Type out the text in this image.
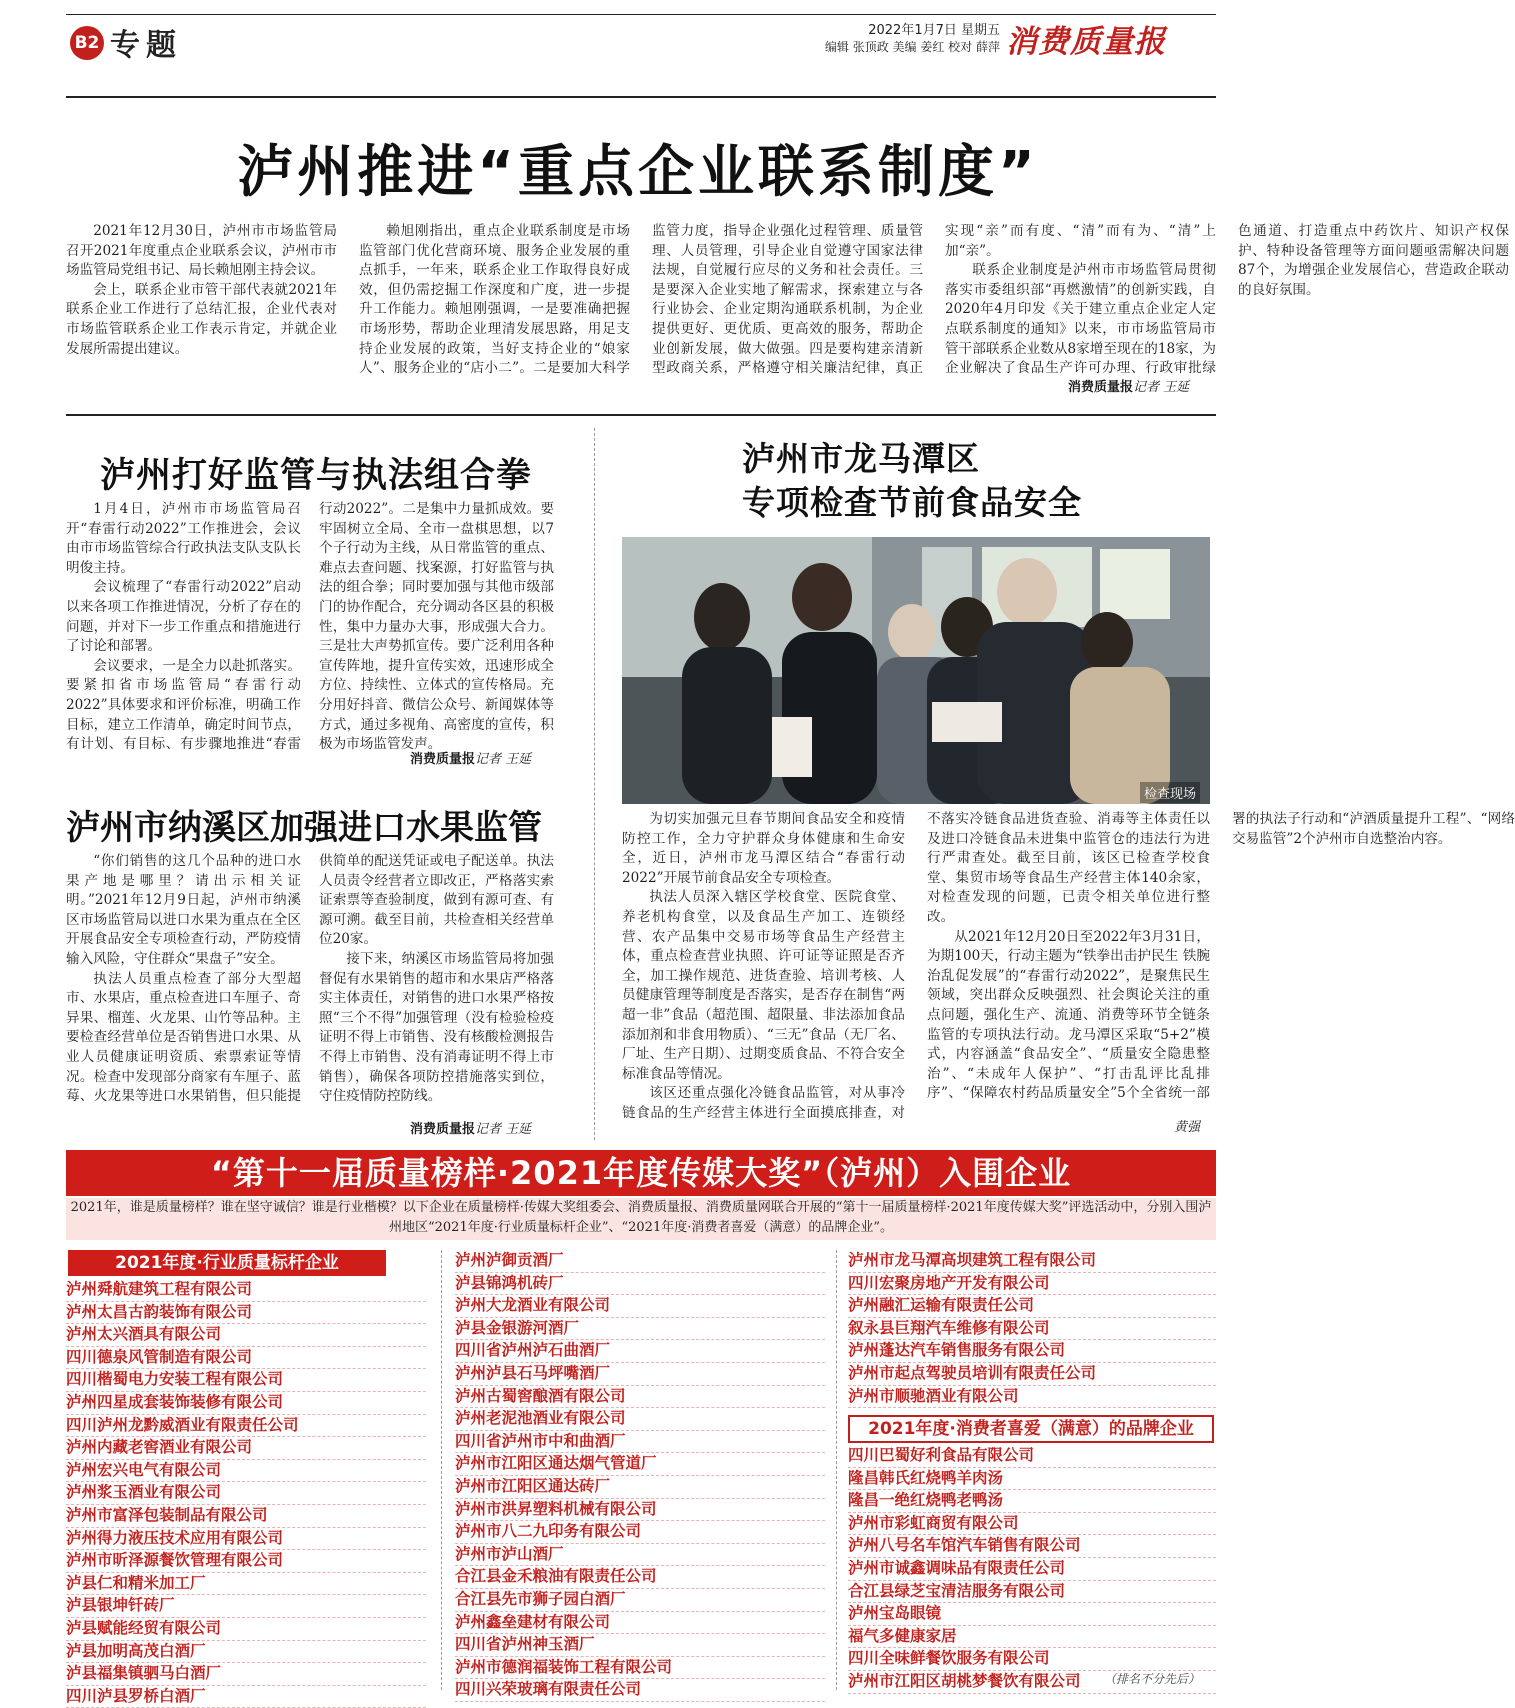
B2 专题	2022年1月7日 星期五
编辑 张顶政 美编 姜红 校对 薛萍 消费质量报
泸州推进“重点企业联系制度”

2021年12月30日，泸州市市场监管局召开2021年度重点企业联系会议，泸州市市场监管局党组书记、局长赖旭刚主持会议。

会上，联系企业市管干部代表就2021年联系企业工作进行了总结汇报，企业代表对市场监管联系企业工作表示肯定，并就企业发展所需提出建议。

赖旭刚指出，重点企业联系制度是市场监管部门优化营商环境、服务企业发展的重点抓手，一年来，联系企业工作取得良好成效，但仍需挖掘工作深度和广度，进一步提升工作能力。赖旭刚强调，一是要准确把握市场形势，帮助企业理清发展思路，用足支持企业发展的政策，当好支持企业的“娘家人”、服务企业的“店小二”。二是要加大科学监管力度，指导企业强化过程管理、质量管理、人员管理，引导企业自觉遵守国家法律法规，自觉履行应尽的义务和社会责任。三是要深入企业实地了解需求，探索建立与各行业协会、企业定期沟通联系机制，为企业提供更好、更优质、更高效的服务，帮助企业创新发展，做大做强。四是要构建亲清新型政商关系，严格遵守相关廉洁纪律，真正实现“亲”而有度、“清”而有为、“清”上加“亲”。

联系企业制度是泸州市市场监管局贯彻落实市委组织部“再燃激情”的创新实践，自2020年4月印发《关于建立重点企业定人定点联系制度的通知》以来，市市场监管局市管干部联系企业数从8家增至现在的18家，为企业解决了食品生产许可办理、行政审批绿色通道、打造重点中药饮片、知识产权保护、特种设备管理等方面问题亟需解决问题87个，为增强企业发展信心，营造政企联动的良好氛围。

消费质量报记者 王延
泸州打好监管与执法组合拳

1月4日，泸州市市场监管局召开“春雷行动2022”工作推进会，会议由市市场监管综合行政执法支队支队长明俊主持。

会议梳理了“春雷行动2022”启动以来各项工作推进情况，分析了存在的问题，并对下一步工作重点和措施进行了讨论和部署。

会议要求，一是全力以赴抓落实。要紧扣省市场监管局“春雷行动2022”具体要求和评价标准，明确工作目标，建立工作清单，确定时间节点，有计划、有目标、有步骤地推进“春雷行动2022”。二是集中力量抓成效。要牢固树立全局、全市一盘棋思想，以7个子行动为主线，从日常监管的重点、难点去查问题、找案源，打好监管与执法的组合拳；同时要加强与其他市级部门的协作配合，充分调动各区县的积极性，集中力量办大事，形成强大合力。三是壮大声势抓宣传。要广泛利用各种宣传阵地，提升宣传实效，迅速形成全方位、持续性、立体式的宣传格局。充分用好抖音、微信公众号、新闻媒体等方式，通过多视角、高密度的宣传，积极为市场监管发声。

消费质量报记者 王延
泸州市纳溪区加强进口水果监管

“你们销售的这几个品种的进口水果产地是哪里？请出示相关证明。”2021年12月9日起，泸州市纳溪区市场监管局以进口水果为重点在全区开展食品安全专项检查行动，严防疫情输入风险，守住群众“果盘子”安全。

执法人员重点检查了部分大型超市、水果店，重点检查进口车厘子、奇异果、榴莲、火龙果、山竹等品种。主要检查经营单位是否销售进口水果、从业人员健康证明资质、索票索证等情况。检查中发现部分商家有车厘子、蓝莓、火龙果等进口水果销售，但只能提供简单的配送凭证或电子配送单。执法人员责令经营者立即改正，严格落实索证索票等查验制度，做到有源可查、有源可溯。截至目前，共检查相关经营单位20家。

接下来，纳溪区市场监管局将加强督促有水果销售的超市和水果店严格落实主体责任，对销售的进口水果严格按照“三个不得”加强管理（没有检验检疫证明不得上市销售、没有核酸检测报告不得上市销售、没有消毒证明不得上市销售），确保各项防控措施落实到位，守住疫情防控防线。

消费质量报记者 王延
泸州市龙马潭区
专项检查节前食品安全
检查现场

为切实加强元旦春节期间食品安全和疫情防控工作，全力守护群众身体健康和生命安全，近日，泸州市龙马潭区结合“春雷行动2022”开展节前食品安全专项检查。

执法人员深入辖区学校食堂、医院食堂、养老机构食堂，以及食品生产加工、连锁经营、农产品集中交易市场等食品生产经营主体，重点检查营业执照、许可证等证照是否齐全，加工操作规范、进货查验、培训考核、人员健康管理等制度是否落实，是否存在制售“两超一非”食品（超范围、超限量、非法添加食品添加剂和非食用物质）、“三无”食品（无厂名、厂址、生产日期）、过期变质食品、不符合安全标准食品等情况。

该区还重点强化冷链食品监管，对从事冷链食品的生产经营主体进行全面摸底排查，对不落实冷链食品进货查验、消毒等主体责任以及进口冷链食品未进集中监管仓的违法行为进行严肃查处。截至目前，该区已检查学校食堂、集贸市场等食品生产经营主体140余家，对检查发现的问题，已责令相关单位进行整改。

从2021年12月20日至2022年3月31日，为期100天，行动主题为“铁拳出击护民生 铁腕治乱促发展”的“春雷行动2022”，是聚焦民生领域，突出群众反映强烈、社会舆论关注的重点问题，强化生产、流通、消费等环节全链条监管的专项执法行动。龙马潭区采取“5+2”模式，内容涵盖“食品安全”、“质量安全隐患整治”、“未成年人保护”、“打击乱评比乱排序”、“保障农村药品质量安全”5个全省统一部署的执法子行动和“泸酒质量提升工程”、“网络交易监管”2个泸州市自选整治内容。

黄强
“第十一届质量榜样·2021年度传媒大奖”（泸州）入围企业
2021年，谁是质量榜样？谁在坚守诚信？谁是行业楷模？以下企业在质量榜样·传媒大奖组委会、消费质量报、消费质量网联合开展的“第十一届质量榜样·2021年度传媒大奖”评选活动中，分别入围泸州地区“2021年度·行业质量标杆企业”、“2021年度·消费者喜爱（满意）的品牌企业”。
2021年度·行业质量标杆企业
泸州舜航建筑工程有限公司
泸州太昌古韵装饰有限公司
泸州太兴酒具有限公司
四川德泉风管制造有限公司
四川楷蜀电力安装工程有限公司
泸州四星成套装饰装修有限公司
四川泸州龙黔威酒业有限责任公司
泸州内藏老窖酒业有限公司
泸州宏兴电气有限公司
泸州浆玉酒业有限公司
泸州市富泽包装制品有限公司
泸州得力液压技术应用有限公司
泸州市昕泽源餐饮管理有限公司
泸县仁和精米加工厂
泸县银坤钎砖厂
泸县赋能经贸有限公司
泸县加明高茂白酒厂
泸县福集镇驷马白酒厂
四川泸县罗桥白酒厂
泸州泸御贡酒厂
泸县锦鸿机砖厂
泸州大龙酒业有限公司
泸县金银游河酒厂
四川省泸州泸石曲酒厂
泸州泸县石马坪嘴酒厂
泸州古蜀窖酿酒有限公司
泸州老泥池酒业有限公司
四川省泸州市中和曲酒厂
泸州市江阳区通达烟气管道厂
泸州市江阳区通达砖厂
泸州市洪昇塑料机械有限公司
泸州市八二九印务有限公司
泸州市泸山酒厂
合江县金禾粮油有限责任公司
合江县先市狮子园白酒厂
泸州鑫垒建材有限公司
四川省泸州神玉酒厂
泸州市德润福装饰工程有限公司
四川兴荣玻璃有限责任公司
泸州市龙马潭高坝建筑工程有限公司
四川宏聚房地产开发有限公司
泸州融汇运输有限责任公司
叙永县巨翔汽车维修有限公司
泸州蓬达汽车销售服务有限公司
泸州市起点驾驶员培训有限责任公司
泸州市顺驰酒业有限公司
2021年度·消费者喜爱（满意）的品牌企业
四川巴蜀好利食品有限公司
隆昌韩氏红烧鸭羊肉汤
隆昌一绝红烧鸭老鸭汤
泸州市彩虹商贸有限公司
泸州八号名车馆汽车销售有限公司
泸州市诚鑫调味品有限责任公司
合江县绿芝宝清洁服务有限公司
泸州宝岛眼镜
福气多健康家居
四川全味鲜餐饮服务有限公司
泸州市江阳区胡桃梦餐饮有限公司	（排名不分先后）
